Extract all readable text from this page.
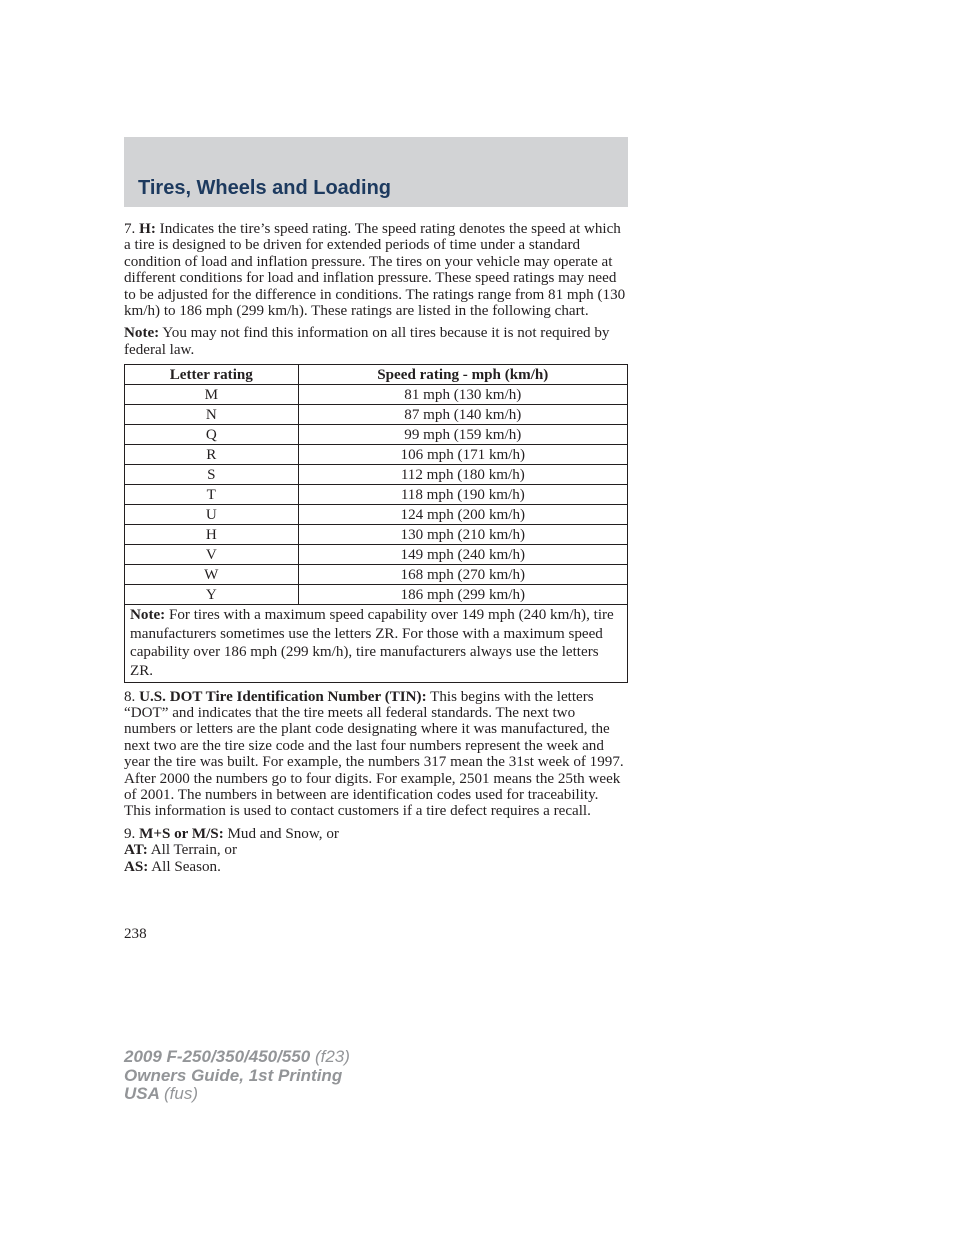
Tires, Wheels and Loading

7. H: Indicates the tire’s speed rating. The speed rating denotes the speed at which a tire is designed to be driven for extended periods of time under a standard condition of load and inflation pressure. The tires on your vehicle may operate at different conditions for load and inflation pressure. These speed ratings may need to be adjusted for the difference in conditions. The ratings range from 81 mph (130 km/h) to 186 mph (299 km/h). These ratings are listed in the following chart.

Note: You may not find this information on all tires because it is not required by federal law.

Letter rating	Speed rating - mph (km/h)
M	81 mph (130 km/h)
N	87 mph (140 km/h)
Q	99 mph (159 km/h)
R	106 mph (171 km/h)
S	112 mph (180 km/h)
T	118 mph (190 km/h)
U	124 mph (200 km/h)
H	130 mph (210 km/h)
V	149 mph (240 km/h)
W	168 mph (270 km/h)
Y	186 mph (299 km/h)
Note: For tires with a maximum speed capability over 149 mph (240 km/h), tire manufacturers sometimes use the letters ZR. For those with a maximum speed capability over 186 mph (299 km/h), tire manufacturers always use the letters ZR.	

8. U.S. DOT Tire Identification Number (TIN): This begins with the letters “DOT” and indicates that the tire meets all federal standards. The next two numbers or letters are the plant code designating where it was manufactured, the next two are the tire size code and the last four numbers represent the week and year the tire was built. For example, the numbers 317 mean the 31st week of 1997. After 2000 the numbers go to four digits. For example, 2501 means the 25th week of 2001. The numbers in between are identification codes used for traceability. This information is used to contact customers if a tire defect requires a recall.

9. M+S or M/S: Mud and Snow, or

AT: All Terrain, or

AS: All Season.

238
2009 F-250/350/450/550 (f23)
Owners Guide, 1st Printing
USA (fus)
